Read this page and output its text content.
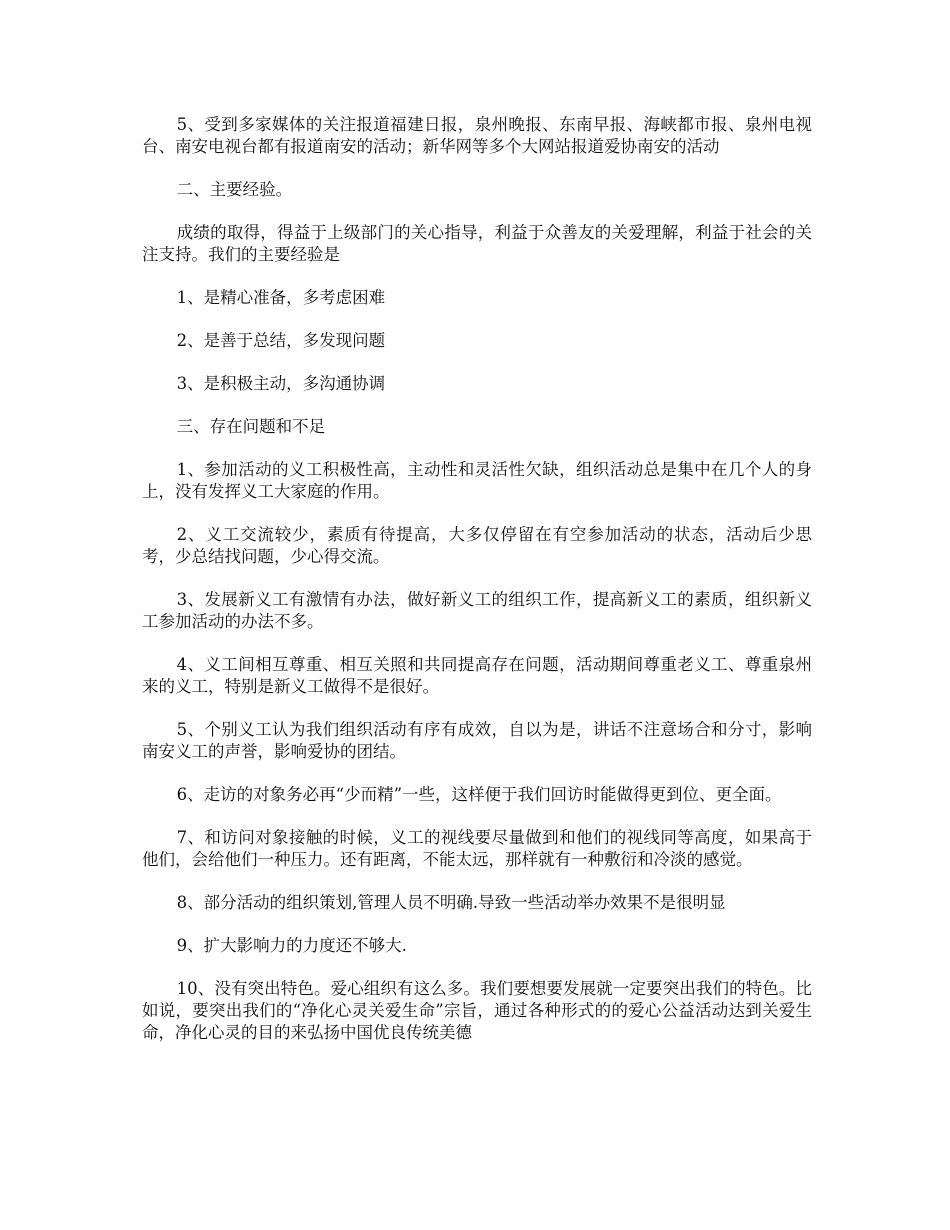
5、受到多家媒体的关注报道福建日报，泉州晚报、东南早报、海峡都市报、泉州电视台、南安电视台都有报道南安的活动；新华网等多个大网站报道爱协南安的活动

二、主要经验。

成绩的取得，得益于上级部门的关心指导，利益于众善友的关爱理解，利益于社会的关注支持。我们的主要经验是

1、是精心准备，多考虑困难

2、是善于总结，多发现问题

3、是积极主动，多沟通协调

三、存在问题和不足

1、参加活动的义工积极性高，主动性和灵活性欠缺，组织活动总是集中在几个人的身上，没有发挥义工大家庭的作用。

2、义工交流较少，素质有待提高，大多仅停留在有空参加活动的状态，活动后少思考，少总结找问题，少心得交流。

3、发展新义工有激情有办法，做好新义工的组织工作，提高新义工的素质，组织新义工参加活动的办法不多。

4、义工间相互尊重、相互关照和共同提高存在问题，活动期间尊重老义工、尊重泉州来的义工，特别是新义工做得不是很好。

5、个别义工认为我们组织活动有序有成效，自以为是，讲话不注意场合和分寸，影响南安义工的声誉，影响爱协的团结。

6、走访的对象务必再“少而精”一些，这样便于我们回访时能做得更到位、更全面。

7、和访问对象接触的时候，义工的视线要尽量做到和他们的视线同等高度，如果高于他们，会给他们一种压力。还有距离，不能太远，那样就有一种敷衍和冷淡的感觉。

8、部分活动的组织策划,管理人员不明确.导致一些活动举办效果不是很明显

9、扩大影响力的力度还不够大.

10、没有突出特色。爱心组织有这么多。我们要想要发展就一定要突出我们的特色。比如说，要突出我们的“净化心灵关爱生命”宗旨，通过各种形式的的爱心公益活动达到关爱生命，净化心灵的目的来弘扬中国优良传统美德
